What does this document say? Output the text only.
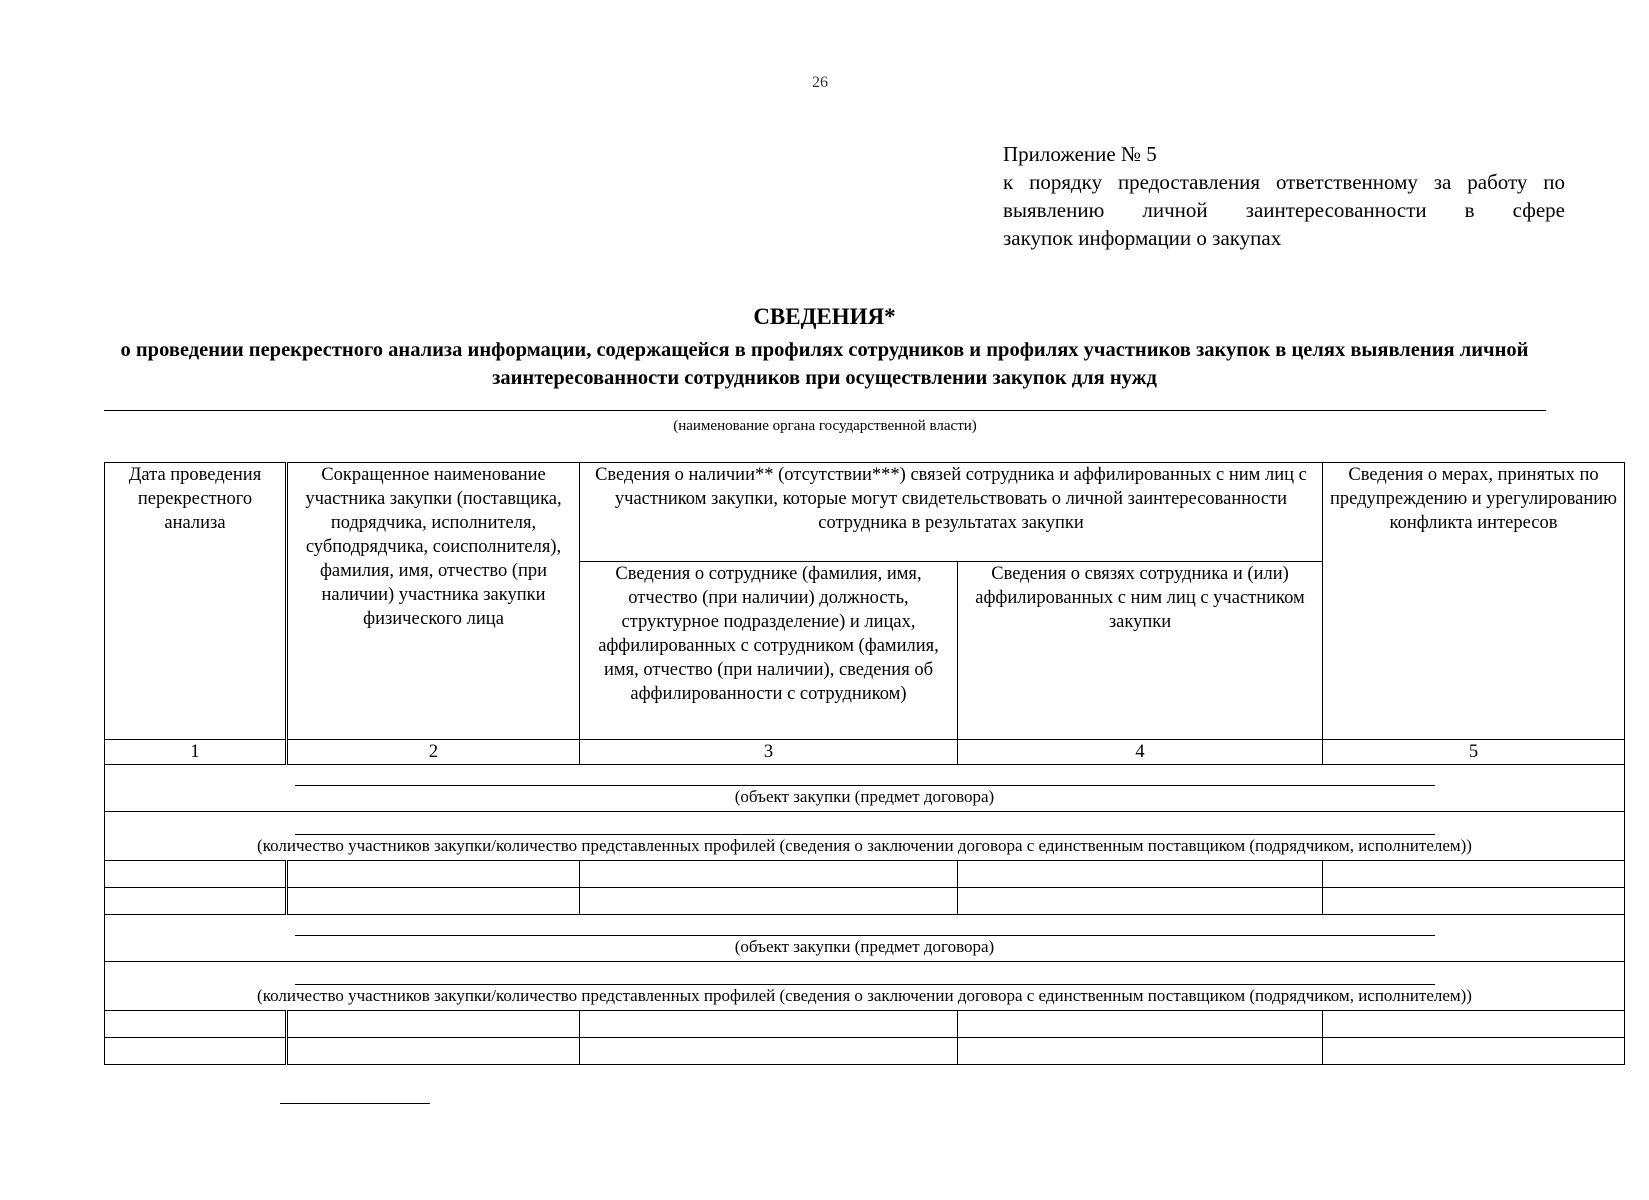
26
Приложение № 5
к порядку предоставления ответственному за работу по выявлению личной заинтересованности в сфере
закупок информации о закупах
СВЕДЕНИЯ*
о проведении перекрестного анализа информации, содержащейся в профилях сотрудников и профилях участников закупок в целях выявления личной заинтересованности сотрудников при осуществлении закупок для нужд
(наименование органа государственной власти)
Дата проведения перекрестного анализа	Сокращенное наименование участника закупки (поставщика, подрядчика, исполнителя, субподрядчика, соисполнителя), фамилия, имя, отчество (при наличии) участника закупки физического лица	Сведения о наличии** (отсутствии***) связей сотрудника и аффилированных с ним лиц с участником закупки, которые могут свидетельствовать о личной заинтересованности сотрудника в результатах закупки		Сведения о мерах, принятых по предупреждению и урегулированию конфликта интересов
		Сведения о сотруднике (фамилия, имя, отчество (при наличии) должность, структурное подразделение) и лицах, аффилированных с сотрудником (фамилия, имя, отчество (при наличии), сведения об аффилированности с сотрудником)	Сведения о связях сотрудника и (или) аффилированных с ним лиц с участником закупки	
1	2	3	4	5

(объект закупки (предмет договора)				

(количество участников закупки/количество представленных профилей (сведения о заключении договора с единственным поставщиком (подрядчиком, исполнителем))				

(объект закупки (предмет договора)				

(количество участников закупки/количество представленных профилей (сведения о заключении договора с единственным поставщиком (подрядчиком, исполнителем))				
